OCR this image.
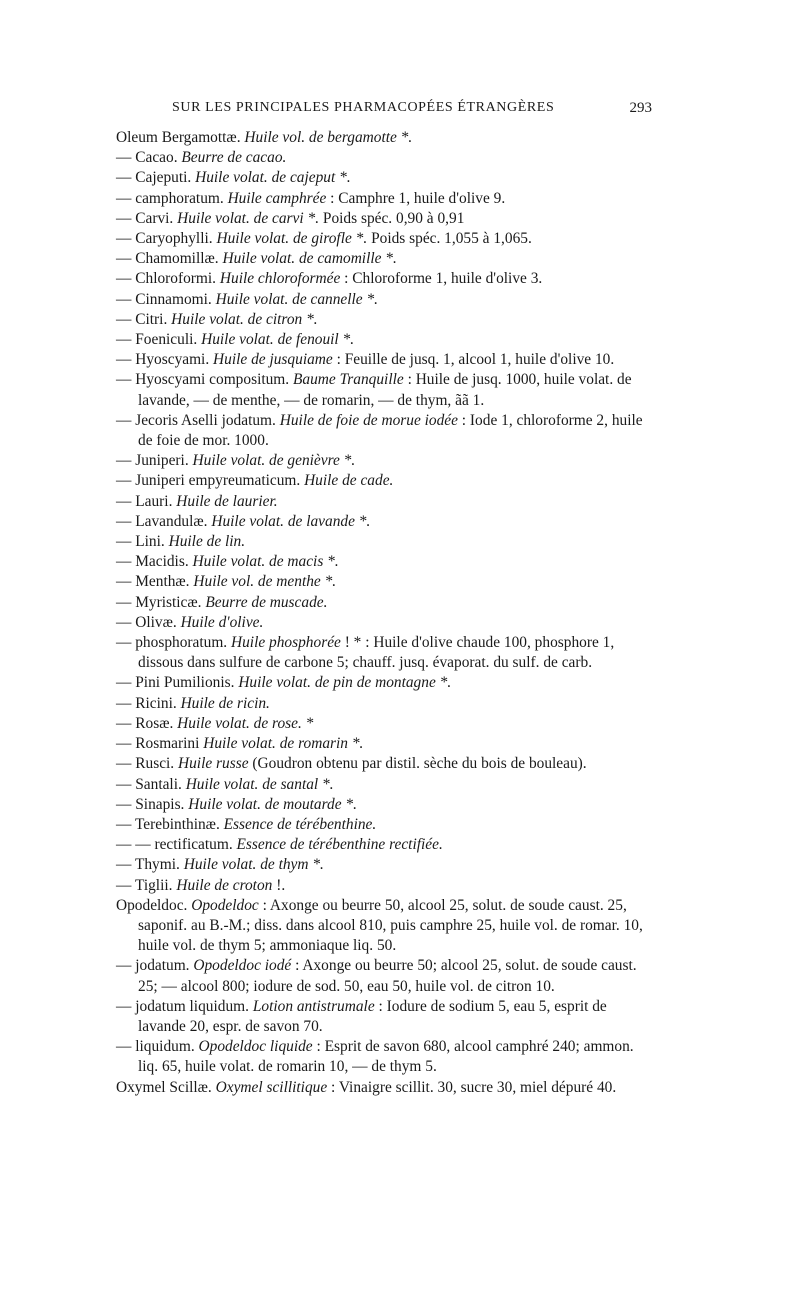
SUR LES PRINCIPALES PHARMACOPÉES ÉTRANGÈRES	293

Oleum Bergamottæ. Huile vol. de bergamotte *.

— Cacao. Beurre de cacao.

— Cajeputi. Huile volat. de cajeput *.

— camphoratum. Huile camphrée : Camphre 1, huile d'olive 9.

— Carvi. Huile volat. de carvi *. Poids spéc. 0,90 à 0,91

— Caryophylli. Huile volat. de girofle *. Poids spéc. 1,055 à 1,065.

— Chamomillæ. Huile volat. de camomille *.

— Chloroformi. Huile chloroformée : Chloroforme 1, huile d'olive 3.

— Cinnamomi. Huile volat. de cannelle *.

— Citri. Huile volat. de citron *.

— Foeniculi. Huile volat. de fenouil *.

— Hyoscyami. Huile de jusquiame : Feuille de jusq. 1, alcool 1, huile d'olive 10.

— Hyoscyami compositum. Baume Tranquille : Huile de jusq. 1000, huile volat. de lavande, — de menthe, — de romarin, — de thym, ãã 1.

— Jecoris Aselli jodatum. Huile de foie de morue iodée : Iode 1, chloroforme 2, huile de foie de mor. 1000.

— Juniperi. Huile volat. de genièvre *.

— Juniperi empyreumaticum. Huile de cade.

— Lauri. Huile de laurier.

— Lavandulæ. Huile volat. de lavande *.

— Lini. Huile de lin.

— Macidis. Huile volat. de macis *.

— Menthæ. Huile vol. de menthe *.

— Myristicæ. Beurre de muscade.

— Olivæ. Huile d'olive.

— phosphoratum. Huile phosphorée ! * : Huile d'olive chaude 100, phosphore 1, dissous dans sulfure de carbone 5; chauff. jusq. évaporat. du sulf. de carb.

— Pini Pumilionis. Huile volat. de pin de montagne *.

— Ricini. Huile de ricin.

— Rosæ. Huile volat. de rose. *

— Rosmarini Huile volat. de romarin *.

— Rusci. Huile russe (Goudron obtenu par distil. sèche du bois de bouleau).

— Santali. Huile volat. de santal *.

— Sinapis. Huile volat. de moutarde *.

— Terebinthinæ. Essence de térébenthine.

— — rectificatum. Essence de térébenthine rectifiée.

— Thymi. Huile volat. de thym *.

— Tiglii. Huile de croton !.

Opodeldoc. Opodeldoc : Axonge ou beurre 50, alcool 25, solut. de soude caust. 25, saponif. au B.-M.; diss. dans alcool 810, puis camphre 25, huile vol. de romar. 10, huile vol. de thym 5; ammoniaque liq. 50.

— jodatum. Opodeldoc iodé : Axonge ou beurre 50; alcool 25, solut. de soude caust. 25; — alcool 800; iodure de sod. 50, eau 50, huile vol. de citron 10.

— jodatum liquidum. Lotion antistrumale : Iodure de sodium 5, eau 5, esprit de lavande 20, espr. de savon 70.

— liquidum. Opodeldoc liquide : Esprit de savon 680, alcool camphré 240; ammon. liq. 65, huile volat. de romarin 10, — de thym 5.

Oxymel Scillæ. Oxymel scillitique : Vinaigre scillit. 30, sucre 30, miel dépuré 40.
